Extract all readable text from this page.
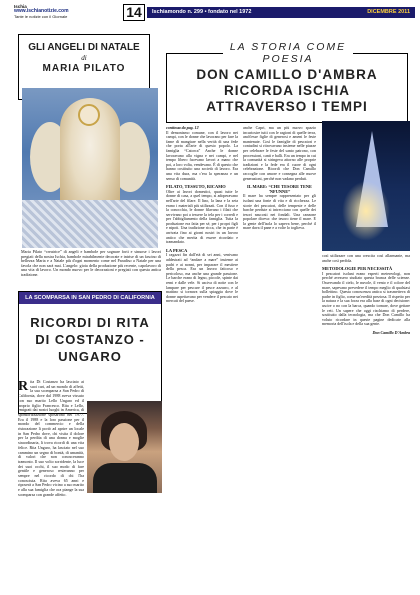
Ischia
www.ischianotizie.com
Tante le notizie con il Giornale	14	Ischiamondo n. 299 • fondato nel 1972	DICEMBRE 2011
GLI ANGELI DI NATALE
di
MARIA PILATO
Maria Pilato “creatrice” di angeli e bambole per sognare forti e sinuose i lavori pregiati della nostra Ischia, bambole mirabilmente decorate e intrise di un fascino di bellezza Maria e a Natale più d'ogni momento come nel Paradiso a Natale per una favola che non sarà mai. L'angelo: gioia della produzione più recente, capolavoro di una vita di lavoro. Un mondo nuovo per le decorazioni e pregiati con questa antica tradizione.
LA SCOMPARSA IN SAN PEDRO DI CALIFORNIA
RICORDI DI RITA
DI COSTANZO - UNGARO
Rita Di Costanzo ha lasciato ai suoi cari, ad un mondo di affetti, la sua scomparsa a San Pedro di California, dove dal 1988 aveva vissuto con suo marito Lello Ungaro ed il proprio figlio Francesco. Rita e Lello, emigrati dai nostri luoghi in America, di sponsorizzazione sposarono nel 1977. Era il 1988 e la loro passione per il mondo del commercio e della ristorazione li portò ad aprire un locale in San Pedro dove, chi visita il dolore per la perdita di una donna e moglie straordinaria, li trova ricordi di una vita felice. Rita Ungaro, ha lasciato nel suo cammino un segno di bontà, di umanità, di valori che non conosceranno tramonto. Il suo volto sorridente, la luce dei suoi occhi, il suo modo di fare gentile e generoso resteranno per sempre nel ricordo di chi l'ha conosciuta. Rita aveva 65 anni e riposerà a San Pedro vicino a suo marito e alla sua famiglia che ora piange la sua scomparsa con grande affetto.
LA STORIA COME POESIA
DON CAMILLO D'AMBRA
RICORDA ISCHIA
ATTRAVERSO I TEMPI
continua da pag. 12

Il demonismo comune, con il lavoro nei campi, con le donne che lavorano per fare la fame di mangiare nella verità di una fede che porta all'arte di questo popolo. La famiglia “Catorca” Anche le donne lavoravano alla vigna e nei campi, e nel tempo libero facevano lavori a mano che poi, a loro volta, vendevano. È di questo che hanno costituito una società di lavoro. Era una vita dura, ma c'era la speranza e un senso di comunità.

FILATO, TESSUTO, RICAMO

Oltre ai lavori domestici, quasi tutte le donne di casa, a quel tempo, si adoperavano nell'arte del filare. Il lino, la lana e la seta erano i materiali più utilizzati. Con il fuso e la conocchia, le donne filavano i filati che servivano poi a tessere la tela per i corredi e per l'abbigliamento della famiglia. Tutta la produzione era fatta per sé, per i propri figli e nipoti. Una tradizione ricca, che in parte è arrivata fino ai giorni nostri in un lavoro antico che merita di essere ricordato e tramandato.

LA PESCA

I ragazzi fin dall'età di sei anni, venivano addestrati ad “andare a mare” insieme ai padri e ai nonni, per imparare il mestiere della pesca. Era un lavoro faticoso e pericoloso, ma anche una grande passione. Le barche erano di legno, piccole, spinte dai remi e dalle vele. Si usciva di notte con le lampare per pescare il pesce azzurro, e al mattino si tornava sulla spiaggia dove le donne aspettavano per vendere il pescato nei mercati del paese.

anche Capri, ma un più nuovo spazio incuriosire tutti con le ragioni di quelle terra, anch'esse figlie di generosi e ameni le feste mantenute. Così le famiglie di pescatori e contadini si ritrovavano insieme nelle piazze per celebrare le feste del santo patrono, con processioni, canti e balli. Era un tempo in cui la comunità si stringeva attorno alle proprie tradizioni e la fede era il cuore di ogni celebrazione. Ricordi che Don Camillo raccoglie con amore e consegna alle nuove generazioni, perché non vadano perduti.

IL MARE: “CHE TESORE TENE 'NFUNNE”

Il mare ha sempre rappresentato per gli isolani una fonte di vita e di ricchezza. Le storie dei pescatori, delle tempeste e delle barche perdute si intrecciano con quelle dei tesori nascosti nei fondali. Una canzone popolare diceva: che tesoro tiene il mare. E la gente dell'isola lo sapeva bene, perché il mare dava il pane e a volte lo toglieva.

così utilizzare con una crescita così allarmante, ma anche così perfida.

METODOLOGIE PER NECESSITÀ

I pescatori isolani erano esperti metereologi, non perché avessero studiato questa branca delle scienze. Osservando il cielo, le nuvole, il vento e il colore del mare, sapevano prevedere il tempo meglio di qualsiasi bollettino. Questa conoscenza antica si trasmetteva di padre in figlio, come un'eredità preziosa. Il rispetto per la natura e la sua forza era alla base di ogni decisione: uscire o no con la barca, quando tornare, dove gettare le reti. Un sapere che oggi rischiamo di perdere, sostituito dalla tecnologia, ma che Don Camillo ha voluto ricordare in queste pagine dedicate alla memoria dell'isola e della sua gente.

Don Camillo D'Ambra
